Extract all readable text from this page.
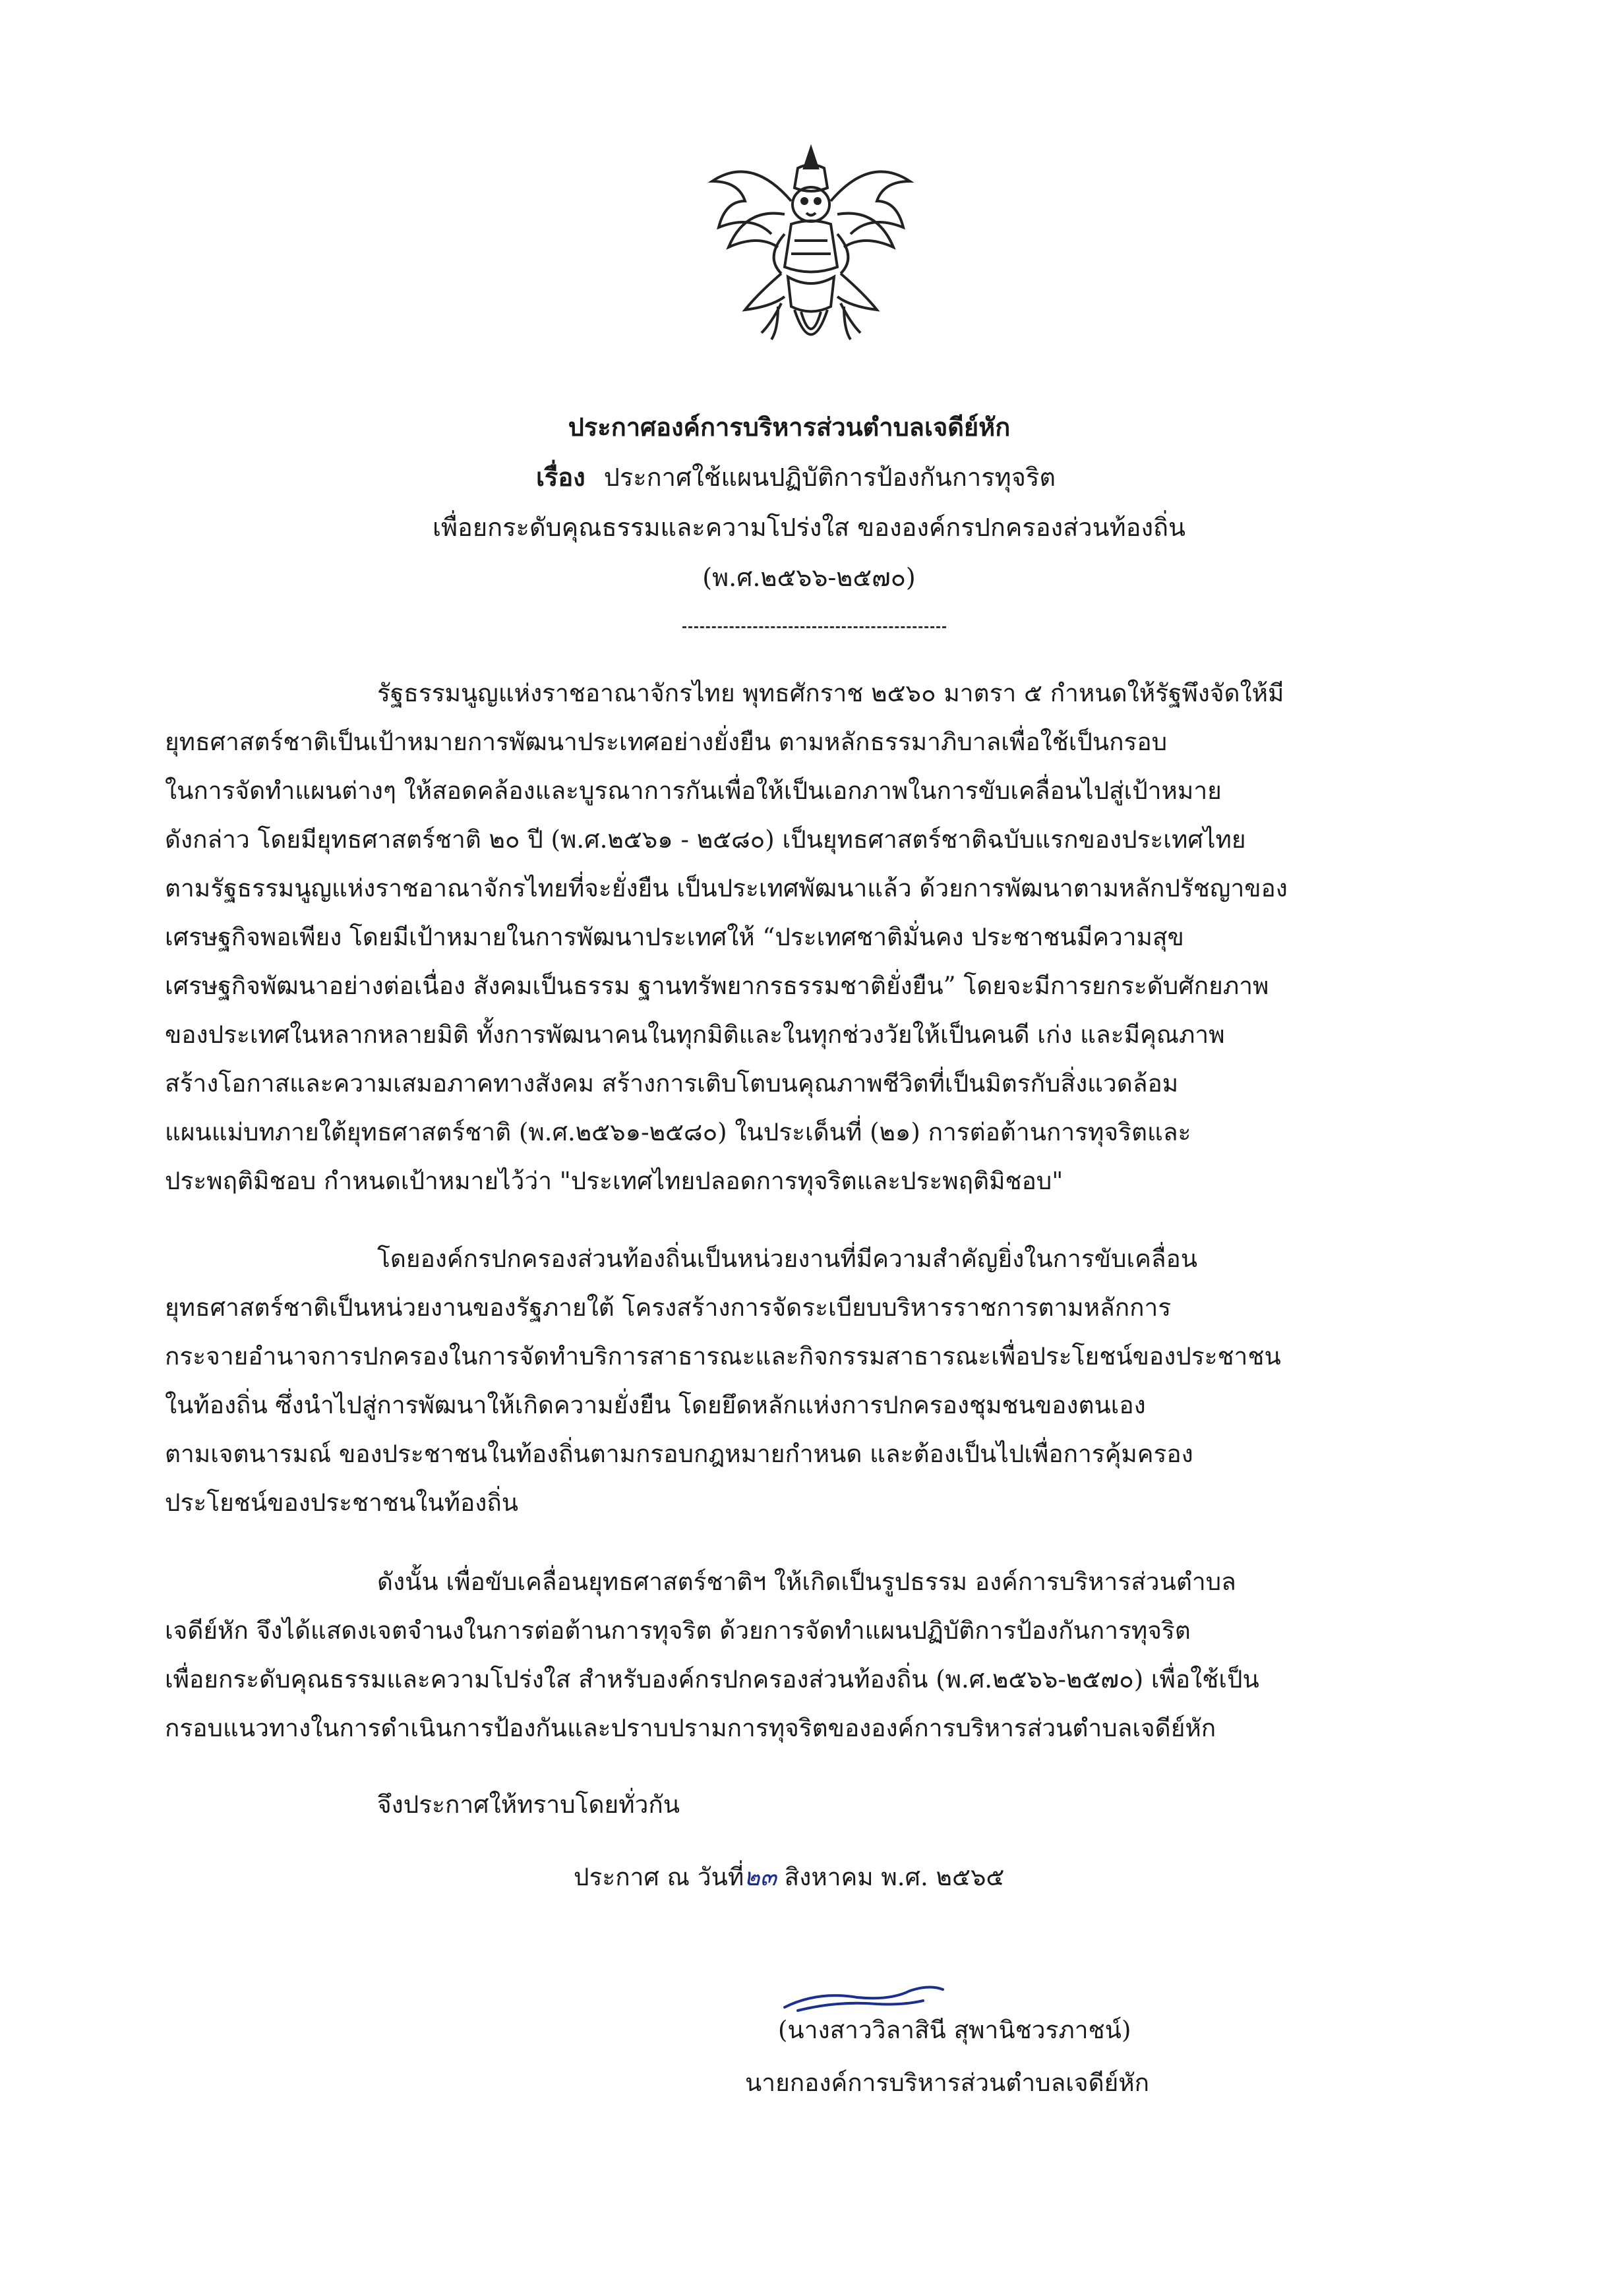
ประกาศองค์การบริหารส่วนตำบลเจดีย์หัก
เรื่อง ประกาศใช้แผนปฏิบัติการป้องกันการทุจริต
เพื่อยกระดับคุณธรรมและความโปร่งใส ขององค์กรปกครองส่วนท้องถิ่น
(พ.ศ.๒๕๖๖-๒๕๗๐)
รัฐธรรมนูญแห่งราชอาณาจักรไทย พุทธศักราช ๒๕๖๐ มาตรา ๕ กำหนดให้รัฐพึงจัดให้มี
ยุทธศาสตร์ชาติเป็นเป้าหมายการพัฒนาประเทศอย่างยั่งยืน ตามหลักธรรมาภิบาลเพื่อใช้เป็นกรอบ
ในการจัดทำแผนต่างๆ ให้สอดคล้องและบูรณาการกันเพื่อให้เป็นเอกภาพในการขับเคลื่อนไปสู่เป้าหมาย
ดังกล่าว โดยมียุทธศาสตร์ชาติ ๒๐ ปี (พ.ศ.๒๕๖๑ - ๒๕๘๐) เป็นยุทธศาสตร์ชาติฉบับแรกของประเทศไทย
ตามรัฐธรรมนูญแห่งราชอาณาจักรไทยที่จะยั่งยืน เป็นประเทศพัฒนาแล้ว ด้วยการพัฒนาตามหลักปรัชญาของ
เศรษฐกิจพอเพียง โดยมีเป้าหมายในการพัฒนาประเทศให้ “ประเทศชาติมั่นคง ประชาชนมีความสุข
เศรษฐกิจพัฒนาอย่างต่อเนื่อง สังคมเป็นธรรม ฐานทรัพยากรธรรมชาติยั่งยืน” โดยจะมีการยกระดับศักยภาพ
ของประเทศในหลากหลายมิติ ทั้งการพัฒนาคนในทุกมิติและในทุกช่วงวัยให้เป็นคนดี เก่ง และมีคุณภาพ
สร้างโอกาสและความเสมอภาคทางสังคม สร้างการเติบโตบนคุณภาพชีวิตที่เป็นมิตรกับสิ่งแวดล้อม
แผนแม่บทภายใต้ยุทธศาสตร์ชาติ (พ.ศ.๒๕๖๑-๒๕๘๐) ในประเด็นที่ (๒๑) การต่อต้านการทุจริตและ
ประพฤติมิชอบ กำหนดเป้าหมายไว้ว่า "ประเทศไทยปลอดการทุจริตและประพฤติมิชอบ"
โดยองค์กรปกครองส่วนท้องถิ่นเป็นหน่วยงานที่มีความสำคัญยิ่งในการขับเคลื่อน
ยุทธศาสตร์ชาติเป็นหน่วยงานของรัฐภายใต้ โครงสร้างการจัดระเบียบบริหารราชการตามหลักการ
กระจายอำนาจการปกครองในการจัดทำบริการสาธารณะและกิจกรรมสาธารณะเพื่อประโยชน์ของประชาชน
ในท้องถิ่น ซึ่งนำไปสู่การพัฒนาให้เกิดความยั่งยืน โดยยึดหลักแห่งการปกครองชุมชนของตนเอง
ตามเจตนารมณ์ ของประชาชนในท้องถิ่นตามกรอบกฎหมายกำหนด และต้องเป็นไปเพื่อการคุ้มครอง
ประโยชน์ของประชาชนในท้องถิ่น
ดังนั้น เพื่อขับเคลื่อนยุทธศาสตร์ชาติฯ ให้เกิดเป็นรูปธรรม องค์การบริหารส่วนตำบล
เจดีย์หัก จึงได้แสดงเจตจำนงในการต่อต้านการทุจริต ด้วยการจัดทำแผนปฏิบัติการป้องกันการทุจริต
เพื่อยกระดับคุณธรรมและความโปร่งใส สำหรับองค์กรปกครองส่วนท้องถิ่น (พ.ศ.๒๕๖๖-๒๕๗๐) เพื่อใช้เป็น
กรอบแนวทางในการดำเนินการป้องกันและปราบปรามการทุจริตขององค์การบริหารส่วนตำบลเจดีย์หัก
จึงประกาศให้ทราบโดยทั่วกัน
ประกาศ ณ วันที่๒๓ สิงหาคม พ.ศ. ๒๕๖๕
(นางสาววิลาสินี สุพานิชวรภาชน์)
นายกองค์การบริหารส่วนตำบลเจดีย์หัก
